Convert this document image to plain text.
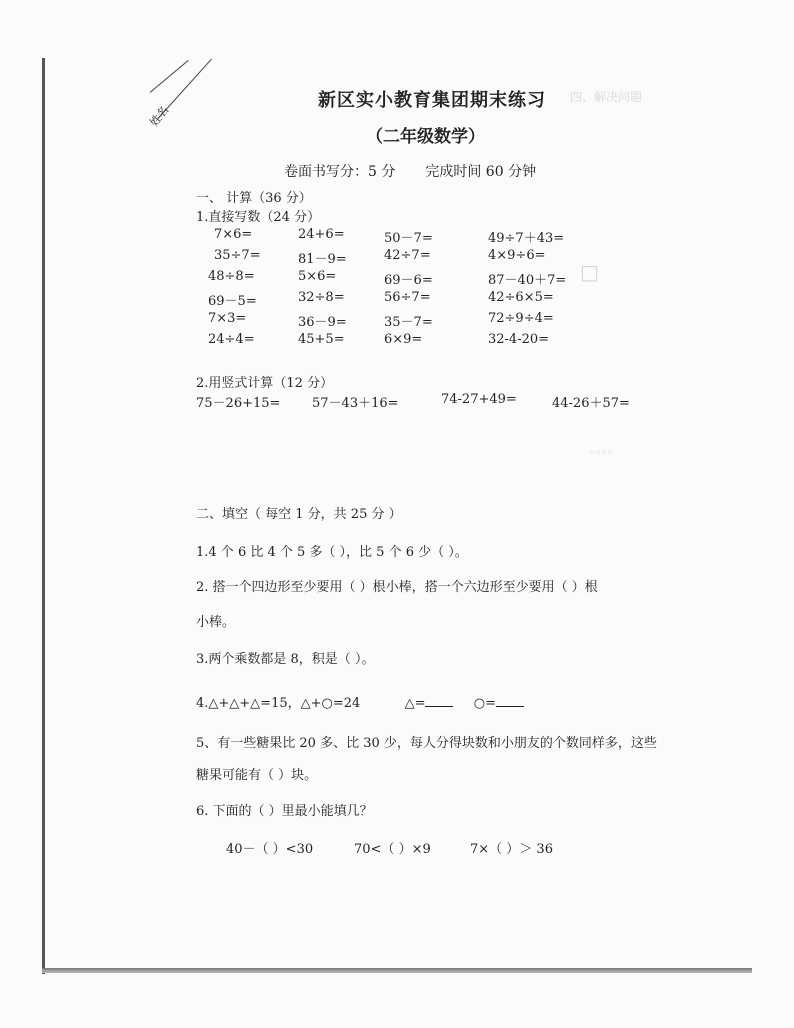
姓名
四、解决问题
□
。。。。
新区实小教育集团期末练习
（二年级数学）
卷面书写分：5 分 完成时间 60 分钟
一、 计算（36 分）
1.直接写数（24 分）
7×6=	24+6=	50－7=	49÷7＋43=
35÷7=	81－9=	42÷7=	4×9÷6=
48÷8=	5×6=	69－6=	87－40＋7=
69－5=	32÷8=	56÷7=	42÷6×5=
7×3=	36－9=	35－7=	72÷9÷4=
24÷4=	45+5=	6×9=	32-4-20=
2.用竖式计算（12 分）
75－26+15= 57－43＋16=	74-27+49=	44-26＋57=
二、填空（ 每空 1 分，共 25 分 ）
1.4 个 6 比 4 个 5 多（ ），比 5 个 6 少（ ）。
2. 搭一个四边形至少要用（ ）根小棒，搭一个六边形至少要用（ ）根
小棒。
3.两个乘数都是 8，积是（ ）。
4.△+△+△=15，△+○=24	△=	○=
5、有一些糖果比 20 多、比 30 少，每人分得块数和小朋友的个数同样多，这些
糖果可能有（ ）块。
6. 下面的（ ）里最小能填几？
40－（ ）<30	70<（ ）×9	7×（ ）＞ 36
